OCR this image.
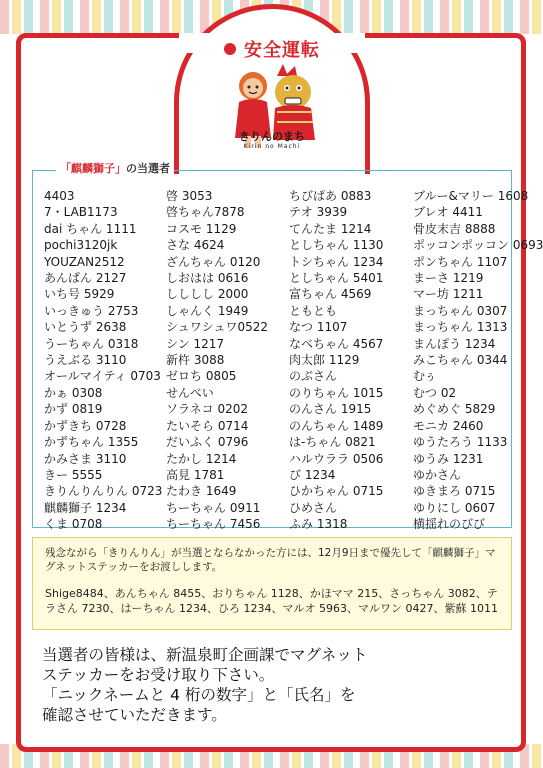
安全運転
きりんのまち
Kirin no Machi
「麒麟獅子」の当選者
4403
7・LAB1173
dai ちゃん 1111
pochi3120jk
YOUZAN2512
あんぱん 2127
いち号 5929
いっきゅう 2753
いとうず 2638
うーちゃん 0318
うえぶる 3110
オールマイティ 0703
かぁ 0308
かず 0819
かずきち 0728
かずちゃん 1355
かみさま 3110
きー 5555
きりんりんりん 0723
麒麟獅子 1234
くま 0708
啓 3053
啓ちゃん7878
コスモ 1129
さな 4624
ざんちゃん 0120
しおはは 0616
しししし 2000
しゃんく 1949
シュワシュワ0522
シン 1217
新杵 3088
ゼロち 0805
せんべい
ソラネコ 0202
たいそら 0714
だいふく 0796
たかし 1214
高見 1781
たわき 1649
ちーちゃん 0911
ちーちゃん 7456
ちびぱあ 0883
テオ 3939
てんたま 1214
としちゃん 1130
トシちゃん 1234
としちゃん 5401
富ちゃん 4569
ともとも
なつ 1107
なべちゃん 4567
肉太郎 1129
のぶさん
のりちゃん 1015
のんさん 1915
のんちゃん 1489
は-ちゃん 0821
ハルウララ 0506
び 1234
ひかちゃん 0715
ひめさん
ふみ 1318
ブルー&マリー 1608
ブレオ 4411
骨皮末吉 8888
ポッコンポッコン 0693
ポンちゃん 1107
まーさ 1219
マー坊 1211
まっちゃん 0307
まっちゃん 1313
まんぽう 1234
みこちゃん 0344
むぅ
むつ 02
めぐめぐ 5829
モニカ 2460
ゆうたろう 1133
ゆうみ 1231
ゆかさん
ゆきまろ 0715
ゆりにし 0607
横揺れのびび
残念ながら「きりんりん」が当選とならなかった方には、12月9日まで優先して「麒麟獅子」マグネットステッカーをお渡しします。
Shige8484、あんちゃん 8455、おりちゃん 1128、かほママ 215、さっちゃん 3082、テラさん 7230、はーちゃん 1234、ひろ 1234、マルオ 5963、マルワン 0427、紫蘇 1011
当選者の皆様は、新温泉町企画課でマグネット
ステッカーをお受け取り下さい。
「ニックネームと 4 桁の数字」と「氏名」を
確認させていただきます。
